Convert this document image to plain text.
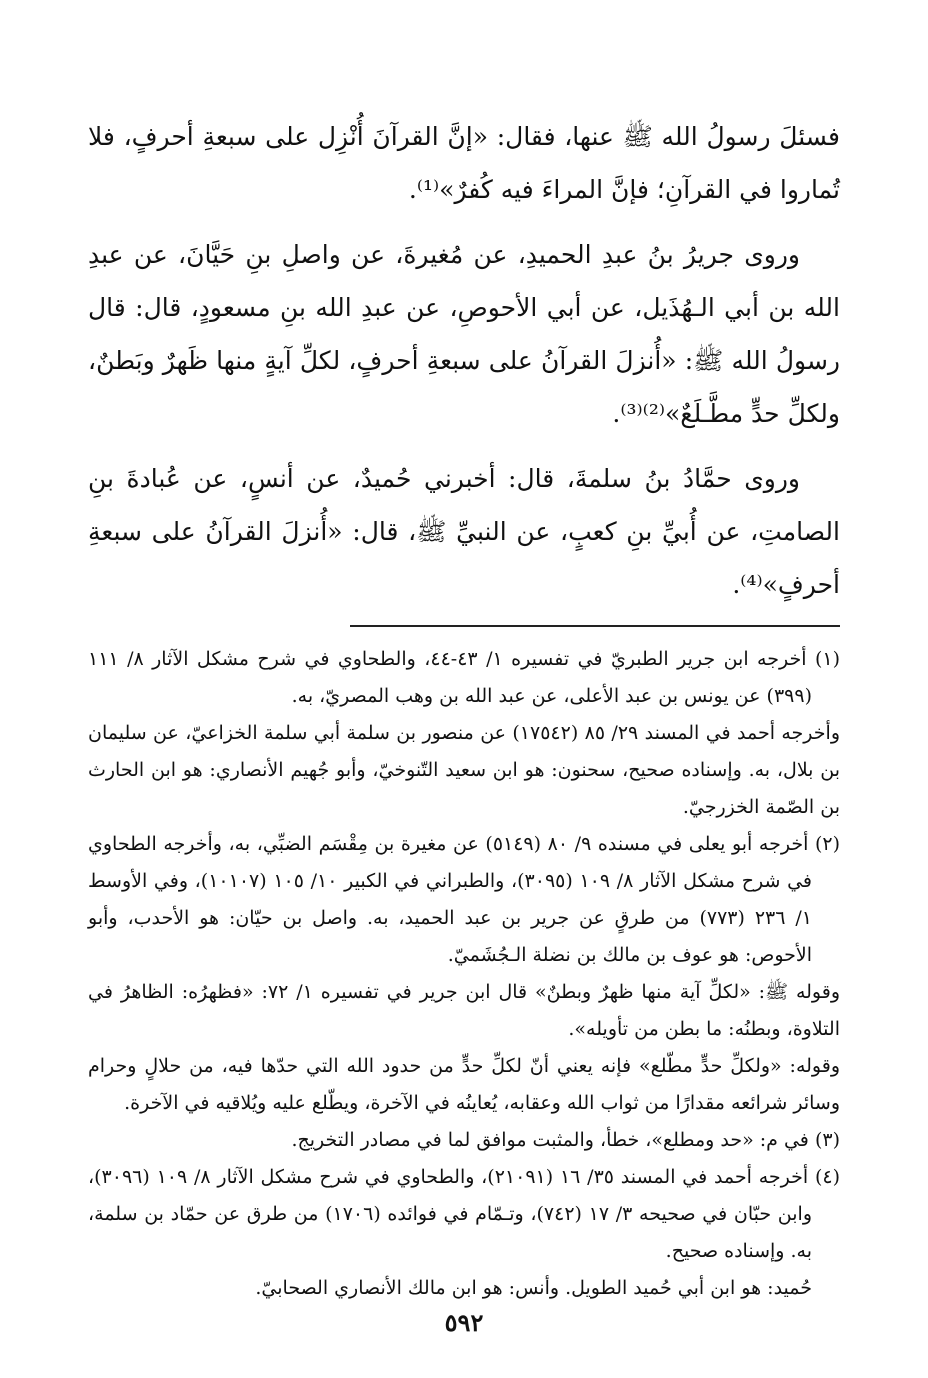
فسئلَ رسولُ الله ﷺ عنها، فقال: «إنَّ القرآنَ أُنْزِل على سبعةِ أحرفٍ، فلا تُماروا في القرآنِ؛ فإنَّ المراءَ فيه كُفرٌ»⁽¹⁾.

وروى جريرُ بنُ عبدِ الحميدِ، عن مُغيرةَ، عن واصلِ بنِ حَيَّانَ، عن عبدِ الله بن أبي الـهُذَيل، عن أبي الأحوصِ، عن عبدِ الله بنِ مسعودٍ، قال: قال رسولُ الله ﷺ: «أُنزلَ القرآنُ على سبعةِ أحرفٍ، لكلِّ آيةٍ منها ظَهرٌ وبَطنٌ، ولكلِّ حدٍّ مطَّـلَعٌ»⁽²⁾⁽³⁾.

وروى حمَّادُ بنُ سلمةَ، قال: أخبرني حُميدٌ، عن أنسٍ، عن عُبادةَ بنِ الصامتِ، عن أُبيِّ بنِ كعبٍ، عن النبيِّ ﷺ، قال: «أُنزلَ القرآنُ على سبعةِ أحرفٍ»⁽⁴⁾.

(١) أخرجه ابن جرير الطبريّ في تفسيره ١/ ٤٣-٤٤، والطحاوي في شرح مشكل الآثار ٨/ ١١١ (٣٩٩) عن يونس بن عبد الأعلى، عن عبد الله بن وهب المصريّ، به.

وأخرجه أحمد في المسند ٢٩/ ٨٥ (١٧٥٤٢) عن منصور بن سلمة أبي سلمة الخزاعيّ، عن سليمان بن بلال، به. وإسناده صحيح، سحنون: هو ابن سعيد التّنوخيّ، وأبو جُهيم الأنصاري: هو ابن الحارث بن الصّمة الخزرجيّ.

(٢) أخرجه أبو يعلى في مسنده ٩/ ٨٠ (٥١٤٩) عن مغيرة بن مِقْسَم الضبِّي، به، وأخرجه الطحاوي في شرح مشكل الآثار ٨/ ١٠٩ (٣٠٩٥)، والطبراني في الكبير ١٠/ ١٠٥ (١٠١٠٧)، وفي الأوسط ١/ ٢٣٦ (٧٧٣) من طرقٍ عن جرير بن عبد الحميد، به. واصل بن حيّان: هو الأحدب، وأبو الأحوص: هو عوف بن مالك بن نضلة الـجُشَميّ.

وقوله ﷺ: «لكلِّ آية منها ظهرٌ وبطنٌ» قال ابن جرير في تفسيره ١/ ٧٢: «فظهرُه: الظاهرُ في التلاوة، وبطنُه: ما بطن من تأويله».

وقوله: «ولكلِّ حدٍّ مطّلع» فإنه يعني أنّ لكلِّ حدٍّ من حدود الله التي حدّها فيه، من حلالٍ وحرام وسائر شرائعه مقدارًا من ثواب الله وعقابه، يُعاينُه في الآخرة، ويطّلع عليه ويُلاقيه في الآخرة.

(٣) في م: «حد ومطلع»، خطأ، والمثبت موافق لما في مصادر التخريج.

(٤) أخرجه أحمد في المسند ٣٥/ ١٦ (٢١٠٩١)، والطحاوي في شرح مشكل الآثار ٨/ ١٠٩ (٣٠٩٦)، وابن حبّان في صحيحه ٣/ ١٧ (٧٤٢)، وتـمّام في فوائده (١٧٠٦) من طرق عن حمّاد بن سلمة، به. وإسناده صحيح.

حُميد: هو ابن أبي حُميد الطويل. وأنس: هو ابن مالك الأنصاري الصحابيّ.

٥٩٢
